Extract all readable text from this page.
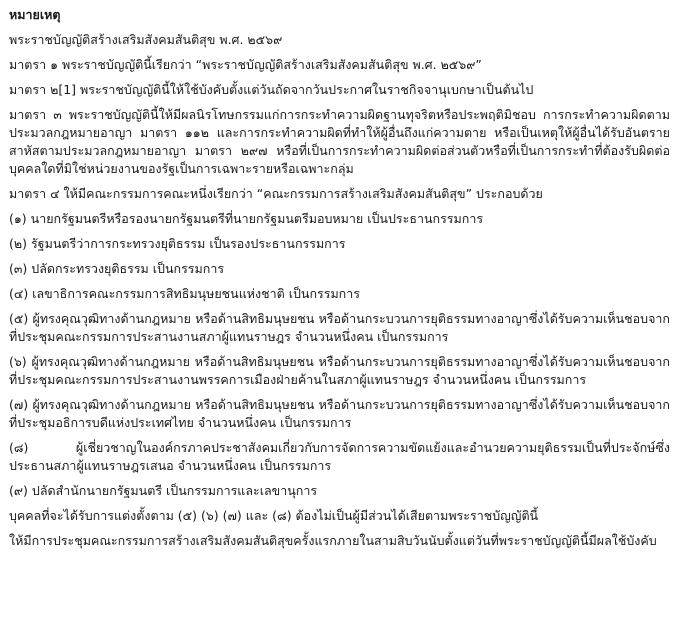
หมายเหตุ
พระราชบัญญัติสร้างเสริมสังคมสันติสุข พ.ศ. ๒๕๖๙
มาตรา ๑ พระราชบัญญัตินี้เรียกว่า “พระราชบัญญัติสร้างเสริมสังคมสันติสุข พ.ศ. ๒๕๖๙”
มาตรา ๒[1] พระราชบัญญัตินี้ให้ใช้บังคับตั้งแต่วันถัดจากวันประกาศในราชกิจจานุเบกษาเป็นต้นไป
มาตรา ๓ พระราชบัญญัตินี้ให้มีผลนิรโทษกรรมแก่การกระทำความผิดฐานทุจริตหรือประพฤติมิชอบ การกระทำความผิดตามประมวลกฎหมายอาญา มาตรา ๑๑๒ และการกระทำความผิดที่ทำให้ผู้อื่นถึงแก่ความตาย หรือเป็นเหตุให้ผู้อื่นได้รับอันตรายสาหัสตามประมวลกฎหมายอาญา มาตรา ๒๙๗ หรือที่เป็นการกระทำความผิดต่อส่วนตัวหรือที่เป็นการกระทำที่ต้องรับผิดต่อบุคคลใดที่มิใช่หน่วยงานของรัฐเป็นการเฉพาะรายหรือเฉพาะกลุ่ม
มาตรา ๔ ให้มีคณะกรรมการคณะหนึ่งเรียกว่า “คณะกรรมการสร้างเสริมสังคมสันติสุข” ประกอบด้วย
(๑) นายกรัฐมนตรีหรือรองนายกรัฐมนตรีที่นายกรัฐมนตรีมอบหมาย เป็นประธานกรรมการ
(๒) รัฐมนตรีว่าการกระทรวงยุติธรรม เป็นรองประธานกรรมการ
(๓) ปลัดกระทรวงยุติธรรม เป็นกรรมการ
(๔) เลขาธิการคณะกรรมการสิทธิมนุษยชนแห่งชาติ เป็นกรรมการ
(๕) ผู้ทรงคุณวุฒิทางด้านกฎหมาย หรือด้านสิทธิมนุษยชน หรือด้านกระบวนการยุติธรรมทางอาญาซึ่งได้รับความเห็นชอบจากที่ประชุมคณะกรรมการประสานงานสภาผู้แทนราษฎร จำนวนหนึ่งคน เป็นกรรมการ
(๖) ผู้ทรงคุณวุฒิทางด้านกฎหมาย หรือด้านสิทธิมนุษยชน หรือด้านกระบวนการยุติธรรมทางอาญาซึ่งได้รับความเห็นชอบจากที่ประชุมคณะกรรมการประสานงานพรรคการเมืองฝ่ายค้านในสภาผู้แทนราษฎร จำนวนหนึ่งคน เป็นกรรมการ
(๗) ผู้ทรงคุณวุฒิทางด้านกฎหมาย หรือด้านสิทธิมนุษยชน หรือด้านกระบวนการยุติธรรมทางอาญาซึ่งได้รับความเห็นชอบจากที่ประชุมอธิการบดีแห่งประเทศไทย จำนวนหนึ่งคน เป็นกรรมการ
(๘) ผู้เชี่ยวชาญในองค์กรภาคประชาสังคมเกี่ยวกับการจัดการความขัดแย้งและอำนวยความยุติธรรมเป็นที่ประจักษ์ซึ่งประธานสภาผู้แทนราษฎรเสนอ จำนวนหนึ่งคน เป็นกรรมการ
(๙) ปลัดสำนักนายกรัฐมนตรี เป็นกรรมการและเลขานุการ
บุคคลที่จะได้รับการแต่งตั้งตาม (๕) (๖) (๗) และ (๘) ต้องไม่เป็นผู้มีส่วนได้เสียตามพระราชบัญญัตินี้
ให้มีการประชุมคณะกรรมการสร้างเสริมสังคมสันติสุขครั้งแรกภายในสามสิบวันนับตั้งแต่วันที่พระราชบัญญัตินี้มีผลใช้บังคับ
